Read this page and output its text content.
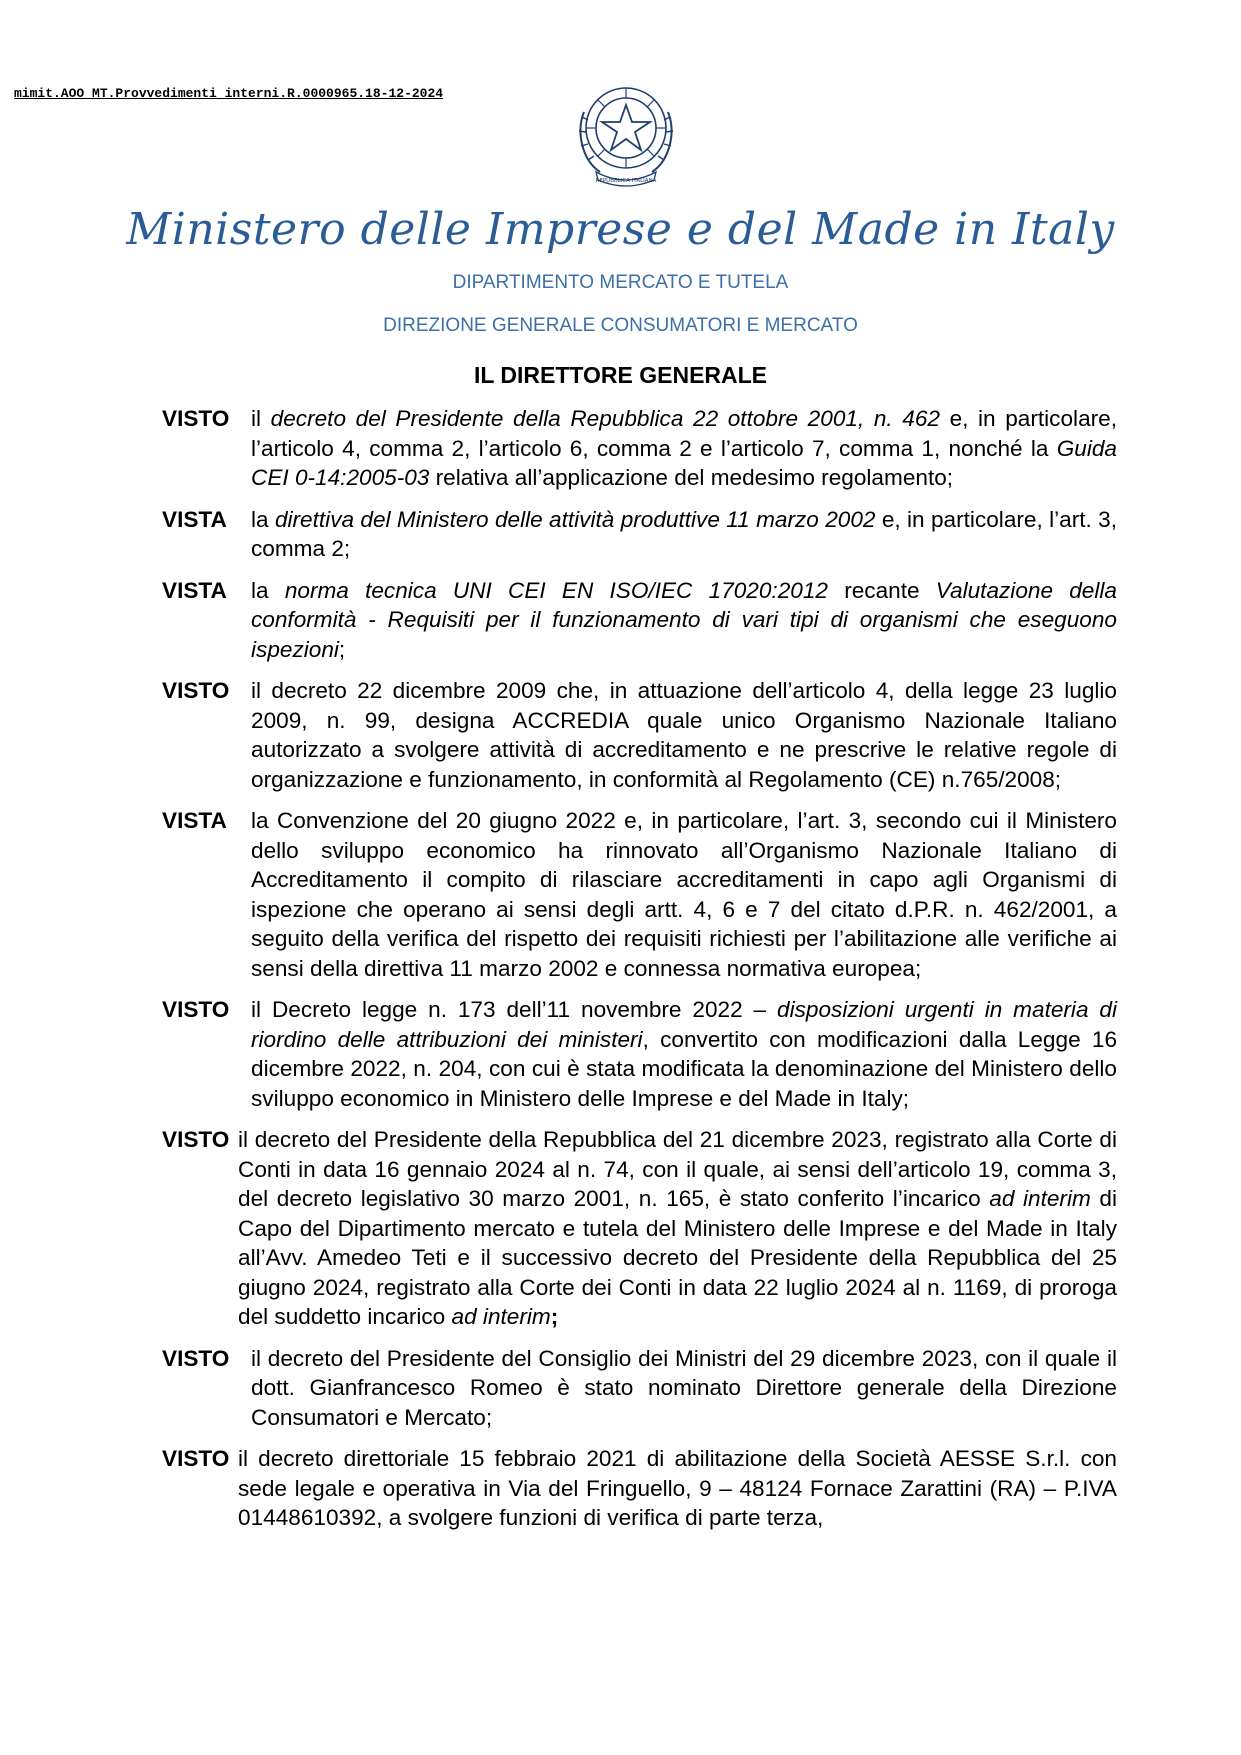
mimit.AOO_MT.Provvedimenti interni.R.0000965.18-12-2024
REPUBBLICA ITALIANA
Ministero delle Imprese e del Made in Italy
DIPARTIMENTO MERCATO E TUTELA
DIREZIONE GENERALE CONSUMATORI E MERCATO
IL DIRETTORE GENERALE
VISTO il decreto del Presidente della Repubblica 22 ottobre 2001, n. 462 e, in particolare, l’articolo 4, comma 2, l’articolo 6, comma 2 e l’articolo 7, comma 1, nonché la Guida CEI 0-14:2005-03 relativa all’applicazione del medesimo regolamento;
VISTA la direttiva del Ministero delle attività produttive 11 marzo 2002 e, in particolare, l’art. 3, comma 2;
VISTA la norma tecnica UNI CEI EN ISO/IEC 17020:2012 recante Valutazione della conformità - Requisiti per il funzionamento di vari tipi di organismi che eseguono ispezioni;
VISTO il decreto 22 dicembre 2009 che, in attuazione dell’articolo 4, della legge 23 luglio 2009, n. 99, designa ACCREDIA quale unico Organismo Nazionale Italiano autorizzato a svolgere attività di accreditamento e ne prescrive le relative regole di organizzazione e funzionamento, in conformità al Regolamento (CE) n.765/2008;
VISTA la Convenzione del 20 giugno 2022 e, in particolare, l’art. 3, secondo cui il Ministero dello sviluppo economico ha rinnovato all’Organismo Nazionale Italiano di Accreditamento il compito di rilasciare accreditamenti in capo agli Organismi di ispezione che operano ai sensi degli artt. 4, 6 e 7 del citato d.P.R. n. 462/2001, a seguito della verifica del rispetto dei requisiti richiesti per l’abilitazione alle verifiche ai sensi della direttiva 11 marzo 2002 e connessa normativa europea;
VISTO il Decreto legge n. 173 dell’11 novembre 2022 – disposizioni urgenti in materia di riordino delle attribuzioni dei ministeri, convertito con modificazioni dalla Legge 16 dicembre 2022, n. 204, con cui è stata modificata la denominazione del Ministero dello sviluppo economico in Ministero delle Imprese e del Made in Italy;
VISTO il decreto del Presidente della Repubblica del 21 dicembre 2023, registrato alla Corte di Conti in data 16 gennaio 2024 al n. 74, con il quale, ai sensi dell’articolo 19, comma 3, del decreto legislativo 30 marzo 2001, n. 165, è stato conferito l’incarico ad interim di Capo del Dipartimento mercato e tutela del Ministero delle Imprese e del Made in Italy all’Avv. Amedeo Teti e il successivo decreto del Presidente della Repubblica del 25 giugno 2024, registrato alla Corte dei Conti in data 22 luglio 2024 al n. 1169, di proroga del suddetto incarico ad interim;
VISTO il decreto del Presidente del Consiglio dei Ministri del 29 dicembre 2023, con il quale il dott. Gianfrancesco Romeo è stato nominato Direttore generale della Direzione Consumatori e Mercato;
VISTO il decreto direttoriale 15 febbraio 2021 di abilitazione della Società AESSE S.r.l. con sede legale e operativa in Via del Fringuello, 9 – 48124 Fornace Zarattini (RA) – P.IVA 01448610392, a svolgere funzioni di verifica di parte terza,
